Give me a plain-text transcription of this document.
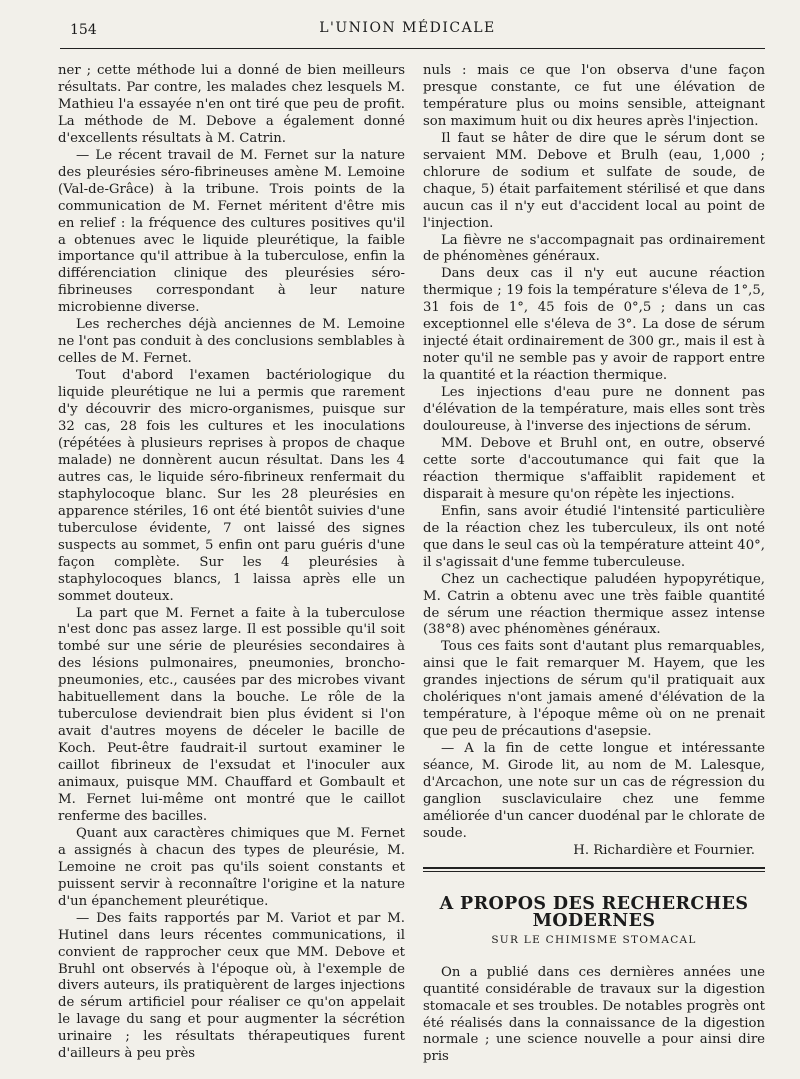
154	L'UNION MÉDICALE

ner ; cette méthode lui a donné de bien meilleurs résultats. Par contre, les malades chez lesquels M. Mathieu l'a essayée n'en ont tiré que peu de profit. La méthode de M. Debove a également donné d'excellents résultats à M. Catrin.

— Le récent travail de M. Fernet sur la nature des pleurésies séro-fibrineuses amène M. Lemoine (Val-de-Grâce) à la tribune. Trois points de la communication de M. Fernet méritent d'être mis en relief : la fréquence des cultures positives qu'il a obtenues avec le liquide pleurétique, la faible importance qu'il attribue à la tuberculose, enfin la différenciation clinique des pleurésies séro-fibrineuses correspondant à leur nature microbienne diverse.

Les recherches déjà anciennes de M. Lemoine ne l'ont pas conduit à des conclusions semblables à celles de M. Fernet.

Tout d'abord l'examen bactériologique du liquide pleurétique ne lui a permis que rarement d'y découvrir des micro-organismes, puisque sur 32 cas, 28 fois les cultures et les inoculations (répétées à plusieurs reprises à propos de chaque malade) ne donnèrent aucun résultat. Dans les 4 autres cas, le liquide séro-fibrineux renfermait du staphylocoque blanc. Sur les 28 pleurésies en apparence stériles, 16 ont été bientôt suivies d'une tuberculose évidente, 7 ont laissé des signes suspects au sommet, 5 enfin ont paru guéris d'une façon complète. Sur les 4 pleurésies à staphylocoques blancs, 1 laissa après elle un sommet douteux.

La part que M. Fernet a faite à la tuberculose n'est donc pas assez large. Il est possible qu'il soit tombé sur une série de pleurésies secondaires à des lésions pulmonaires, pneumonies, broncho-pneumonies, etc., causées par des microbes vivant habituellement dans la bouche. Le rôle de la tuberculose deviendrait bien plus évident si l'on avait d'autres moyens de déceler le bacille de Koch. Peut-être faudrait-il surtout examiner le caillot fibrineux de l'exsudat et l'inoculer aux animaux, puisque MM. Chauffard et Gombault et M. Fernet lui-même ont montré que le caillot renferme des bacilles.

Quant aux caractères chimiques que M. Fernet a assignés à chacun des types de pleurésie, M. Lemoine ne croit pas qu'ils soient constants et puissent servir à reconnaître l'origine et la nature d'un épanchement pleurétique.

— Des faits rapportés par M. Variot et par M. Hutinel dans leurs récentes communications, il convient de rapprocher ceux que MM. Debove et Bruhl ont observés à l'époque où, à l'exemple de divers auteurs, ils pratiquèrent de larges injections de sérum artificiel pour réaliser ce qu'on appelait le lavage du sang et pour augmenter la sécrétion urinaire ; les résultats thérapeutiques furent d'ailleurs à peu près

nuls : mais ce que l'on observa d'une façon presque constante, ce fut une élévation de température plus ou moins sensible, atteignant son maximum huit ou dix heures après l'injection.

Il faut se hâter de dire que le sérum dont se servaient MM. Debove et Brulh (eau, 1,000 ; chlorure de sodium et sulfate de soude, de chaque, 5) était parfaitement stérilisé et que dans aucun cas il n'y eut d'accident local au point de l'injection.

La fièvre ne s'accompagnait pas ordinairement de phénomènes généraux.

Dans deux cas il n'y eut aucune réaction thermique ; 19 fois la température s'éleva de 1°,5, 31 fois de 1°, 45 fois de 0°,5 ; dans un cas exceptionnel elle s'éleva de 3°. La dose de sérum injecté était ordinairement de 300 gr., mais il est à noter qu'il ne semble pas y avoir de rapport entre la quantité et la réaction thermique.

Les injections d'eau pure ne donnent pas d'élévation de la température, mais elles sont très douloureuse, à l'inverse des injections de sérum.

MM. Debove et Bruhl ont, en outre, observé cette sorte d'accoutumance qui fait que la réaction thermique s'affaiblit rapidement et disparait à mesure qu'on répète les injections.

Enfin, sans avoir étudié l'intensité particulière de la réaction chez les tuberculeux, ils ont noté que dans le seul cas où la température atteint 40°, il s'agissait d'une femme tuberculeuse.

Chez un cachectique paludéen hypopyrétique, M. Catrin a obtenu avec une très faible quantité de sérum une réaction thermique assez intense (38°8) avec phénomènes généraux.

Tous ces faits sont d'autant plus remarquables, ainsi que le fait remarquer M. Hayem, que les grandes injections de sérum qu'il pratiquait aux cholériques n'ont jamais amené d'élévation de la température, à l'époque même où on ne prenait que peu de précautions d'asepsie.

— A la fin de cette longue et intéressante séance, M. Girode lit, au nom de M. Lalesque, d'Arcachon, une note sur un cas de régression du ganglion susclaviculaire chez une femme améliorée d'un cancer duodénal par le chlorate de soude.

H. Richardière et Fournier.

A PROPOS DES RECHERCHES MODERNES
SUR LE CHIMISME STOMACAL

On a publié dans ces dernières années une quantité considérable de travaux sur la digestion stomacale et ses troubles. De notables progrès ont été réalisés dans la connaissance de la digestion normale ; une science nouvelle a pour ainsi dire pris
